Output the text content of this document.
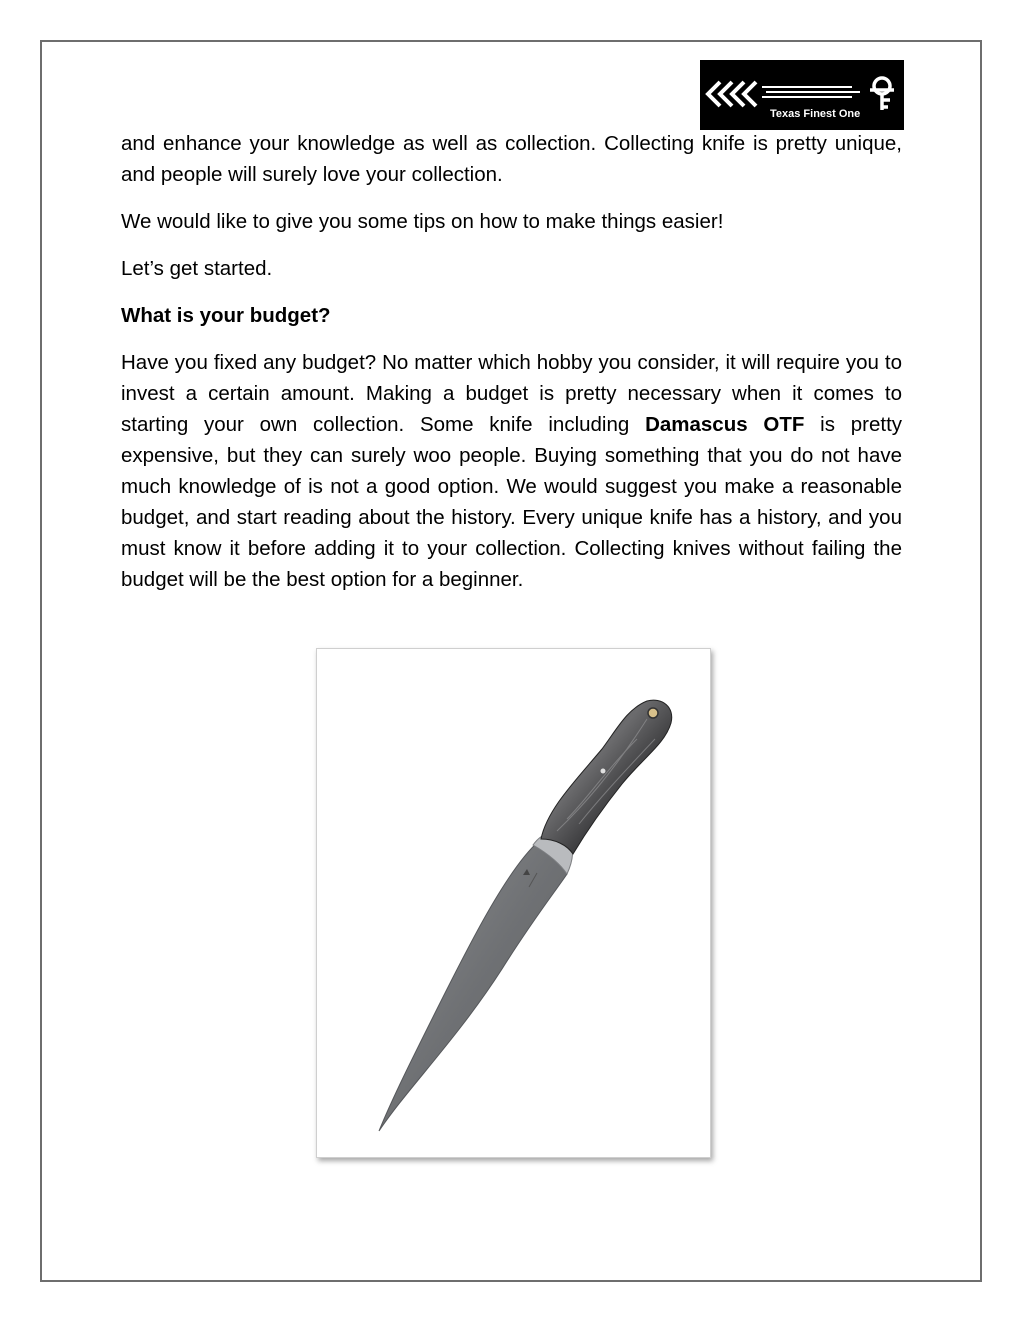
Texas Finest One

and enhance your knowledge as well as collection. Collecting knife is pretty unique, and people will surely love your collection.

We would like to give you some tips on how to make things easier!

Let’s get started.

What is your budget?

Have you fixed any budget? No matter which hobby you consider, it will require you to invest a certain amount. Making a budget is pretty necessary when it comes to starting your own collection. Some knife including Damascus OTF is pretty expensive, but they can surely woo people. Buying something that you do not have much knowledge of is not a good option. We would suggest you make a reasonable budget, and start reading about the history. Every unique knife has a history, and you must know it before adding it to your collection. Collecting knives without failing the budget will be the best option for a beginner.
